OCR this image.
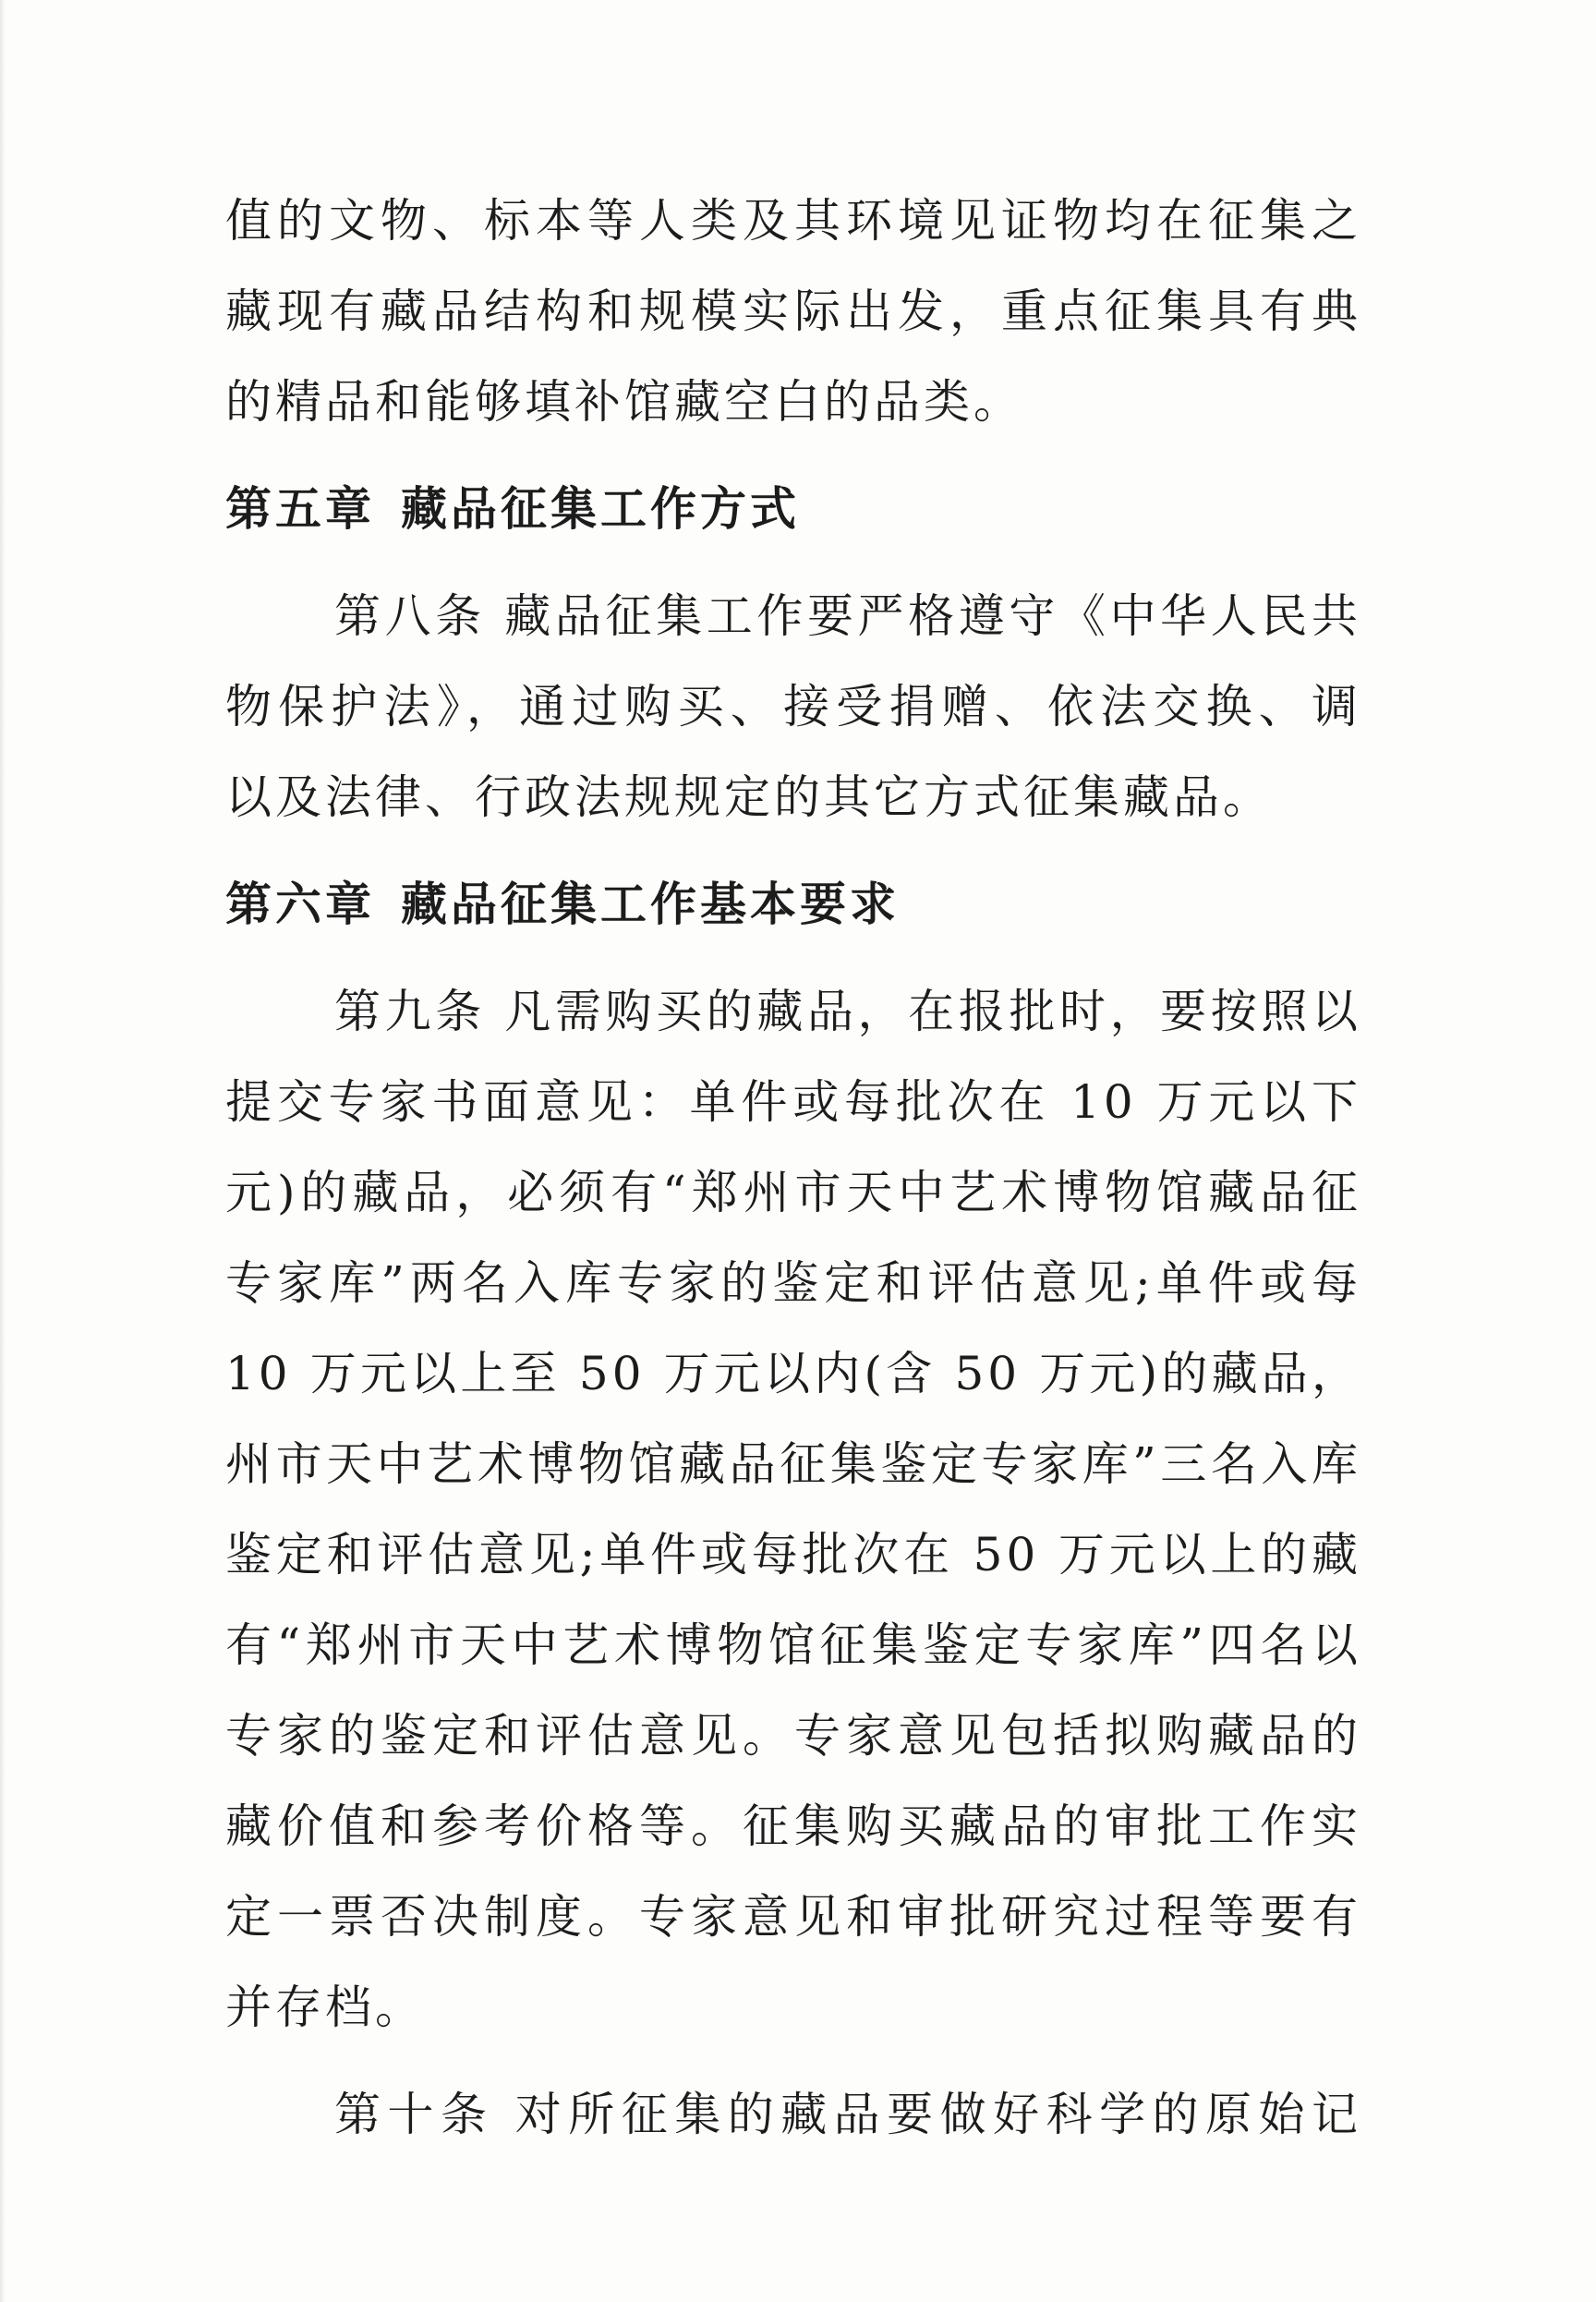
值的文物、标本等人类及其环境见证物均在征集之
藏现有藏品结构和规模实际出发，重点征集具有典
的精品和能够填补馆藏空白的品类。
第五章 藏品征集工作方式
第八条 藏品征集工作要严格遵守《中华人民共
物保护法》，通过购买、接受捐赠、依法交换、调
以及法律、行政法规规定的其它方式征集藏品。
第六章 藏品征集工作基本要求
第九条 凡需购买的藏品，在报批时，要按照以
提交专家书面意见：单件或每批次在 10 万元以下
元)的藏品，必须有“郑州市天中艺术博物馆藏品征
专家库”两名入库专家的鉴定和评估意见;单件或每
10 万元以上至 50 万元以内(含 50 万元)的藏品，
州市天中艺术博物馆藏品征集鉴定专家库”三名入库
鉴定和评估意见;单件或每批次在 50 万元以上的藏
有“郑州市天中艺术博物馆征集鉴定专家库”四名以
专家的鉴定和评估意见。专家意见包括拟购藏品的
藏价值和参考价格等。征集购买藏品的审批工作实
定一票否决制度。专家意见和审批研究过程等要有
并存档。
第十条 对所征集的藏品要做好科学的原始记
